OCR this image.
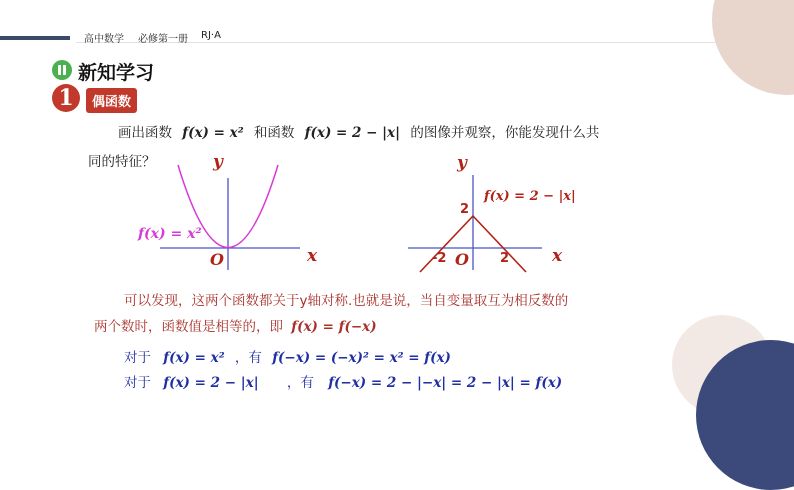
高中数学 必修第一册 RJ·A
新知学习
1	偶函数
画出函数 f(x) = x² 和函数 f(x) = 2 − |x| 的图像并观察，你能发现什么共
同的特征？	y
x
O
f(x) = x²
y
x
O
f(x) = 2 − |x|
2
-2	2
可以发现，这两个函数都关于y轴对称.也就是说，当自变量取互为相反数的
两个数时，函数值是相等的，即 f(x) = f(−x)
对于 f(x) = x² ，有 f(−x) = (−x)² = x² = f(x)
对于 f(x) = 2 − |x| ，有 f(−x) = 2 − |−x| = 2 − |x| = f(x)
